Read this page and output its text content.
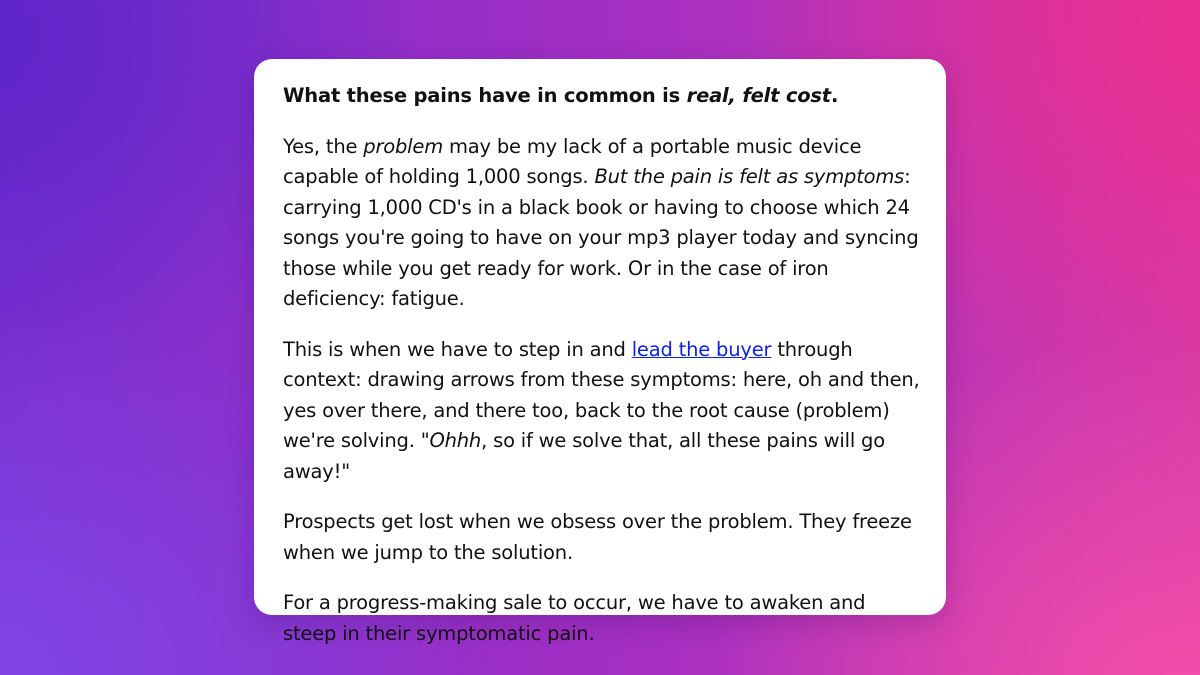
What these pains have in common is real, felt cost.

Yes, the problem may be my lack of a portable music device capable of holding 1,000 songs. But the pain is felt as symptoms: carrying 1,000 CD's in a black book or having to choose which 24 songs you're going to have on your mp3 player today and syncing those while you get ready for work. Or in the case of iron deficiency: fatigue.

This is when we have to step in and lead the buyer through context: drawing arrows from these symptoms: here, oh and then, yes over there, and there too, back to the root cause (problem) we're solving. "Ohhh, so if we solve that, all these pains will go away!"

Prospects get lost when we obsess over the problem. They freeze when we jump to the solution.

For a progress-making sale to occur, we have to awaken and steep in their symptomatic pain.
